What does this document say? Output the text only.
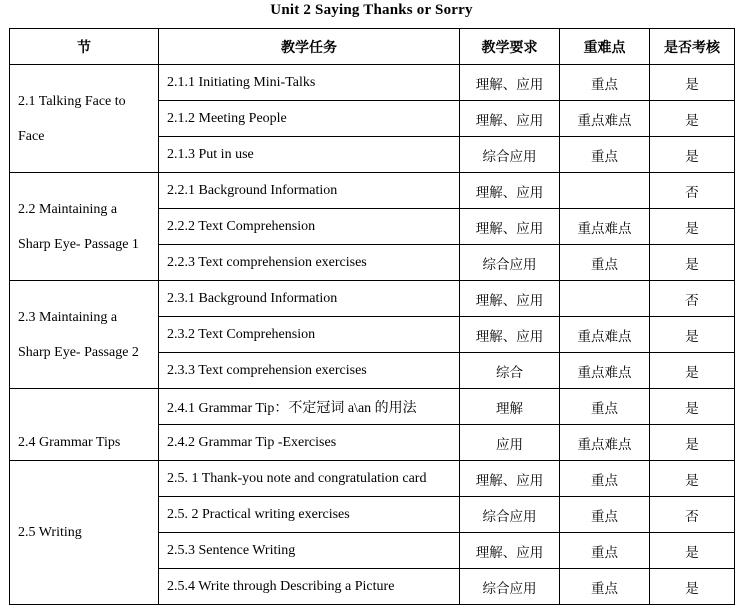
Unit 2 Saying Thanks or Sorry
节	教学任务	教学要求	重难点	是否考核

2.1 Talking Face to
Face	2.1.1 Initiating Mini-Talks	理解、应用	重点	是
	2.1.2 Meeting People	理解、应用	重点难点	是
	2.1.3 Put in use	综合应用	重点	是

2.2 Maintaining a
Sharp Eye- Passage 1	2.2.1 Background Information	理解、应用		否
	2.2.2 Text Comprehension	理解、应用	重点难点	是
	2.2.3 Text comprehension exercises	综合应用	重点	是

2.3 Maintaining a
Sharp Eye- Passage 2	2.3.1 Background Information	理解、应用		否
	2.3.2 Text Comprehension	理解、应用	重点难点	是
	2.3.3 Text comprehension exercises	综合	重点难点	是

2.4 Grammar Tips	2.4.1 Grammar Tip：不定冠词 a\an 的用法	理解	重点	是
	2.4.2 Grammar Tip -Exercises	应用	重点难点	是

2.5 Writing	2.5. 1 Thank-you note and congratulation card	理解、应用	重点	是
	2.5. 2 Practical writing exercises	综合应用	重点	否
	2.5.3 Sentence Writing	理解、应用	重点	是
	2.5.4 Write through Describing a Picture	综合应用	重点	是
